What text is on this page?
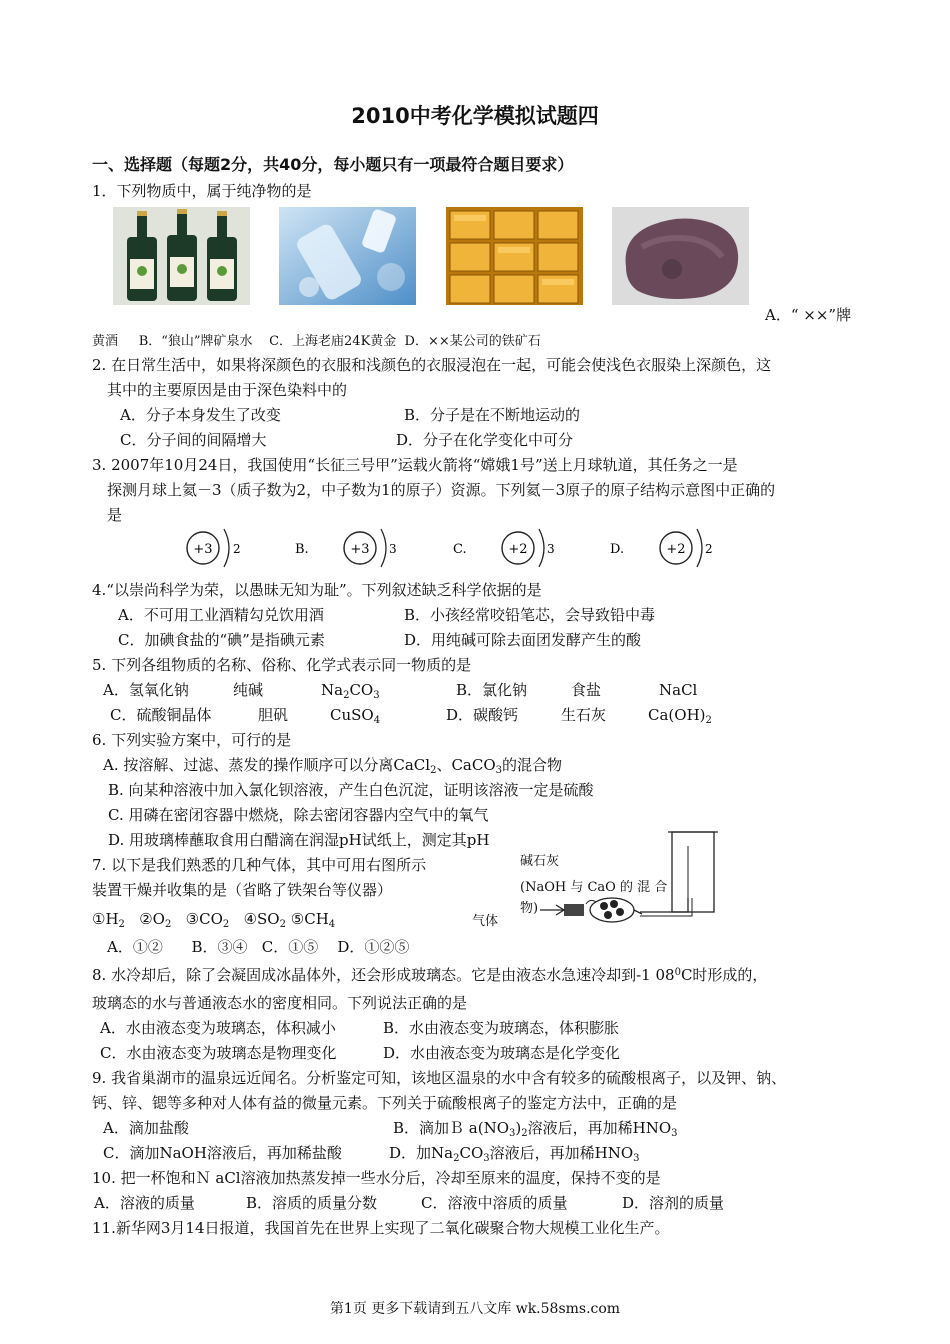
2010中考化学模拟试题四
一、选择题（每题2分，共40分，每小题只有一项最符合题目要求）
1．下列物质中，属于纯净物的是
A．“ ××”牌
黄酒 B．“狼山”牌矿泉水 C．上海老庙24K黄金 D．××某公司的铁矿石
2. 在日常生活中，如果将深颜色的衣服和浅颜色的衣服浸泡在一起，可能会使浅色衣服染上深颜色，这
其中的主要原因是由于深色染料中的
A．分子本身发生了改变	B．分子是在不断地运动的
C．分子间的间隔增大	D．分子在化学变化中可分
3. 2007年10月24日，我国使用“长征三号甲”运载火箭将“嫦娥1号”送上月球轨道，其任务之一是
探测月球上氦－3（质子数为2，中子数为1的原子）资源。下列氦－3原子的原子结构示意图中正确的
是
+3 2	B.	+3 3	C.	+2 3	D.	+2 2
4.“以崇尚科学为荣，以愚昧无知为耻”。下列叙述缺乏科学依据的是
A．不可用工业酒精勾兑饮用酒	B．小孩经常咬铅笔芯，会导致铅中毒
C．加碘食盐的“碘”是指碘元素	D．用纯碱可除去面团发酵产生的酸
5. 下列各组物质的名称、俗称、化学式表示同一物质的是
A．氢氧化钠	纯碱	$Na_2CO_3$	B．氯化钠	食盐	NaCl
C．硫酸铜晶体	胆矾	CuSO$_4$	D．碳酸钙	生石灰	$Ca(OH)_2$
6. 下列实验方案中，可行的是
A. 按溶解、过滤、蒸发的操作顺序可以分离CaCl$_2$、CaCO$_3$的混合物
B. 向某种溶液中加入氯化钡溶液，产生白色沉淀，证明该溶液一定是硫酸
C. 用磷在密闭容器中燃烧，除去密闭容器内空气中的氧气
D. 用玻璃棒蘸取食用白醋滴在润湿pH试纸上，测定其pH
7. 以下是我们熟悉的几种气体，其中可用右图所示
装置干燥并收集的是（省略了铁架台等仪器）
$①H_2$ $②O_2$ $③CO_2$ $④SO_2$ $⑤CH_4$
A．①② B．③④ C．①⑤ D．①②⑤
碱石灰
(NaOH 与 CaO 的 混 合
物)
气体
8. 水冷却后，除了会凝固成冰晶体外，还会形成玻璃态。它是由液态水急速冷却到-1 $08^0C$时形成的，
玻璃态的水与普通液态水的密度相同。下列说法正确的是
A．水由液态变为玻璃态，体积减小	B．水由液态变为玻璃态，体积膨胀
C．水由液态变为玻璃态是物理变化	D．水由液态变为玻璃态是化学变化
9. 我省巢湖市的温泉远近闻名。分析鉴定可知，该地区温泉的水中含有较多的硫酸根离子，以及钾、钠、
钙、锌、锶等多种对人体有益的微量元素。下列关于硫酸根离子的鉴定方法中，正确的是
A．滴加盐酸	B．滴加Ｂ $a(NO_3)_2$溶液后，再加稀$HNO_3$
C．滴加NaOH溶液后，再加稀盐酸	D．加$Na_2CO_3$溶液后，再加稀$HNO_3$
10. 把一杯饱和Ｎ aCl溶液加热蒸发掉一些水分后，冷却至原来的温度，保持不变的是
A．溶液的质量	B．溶质的质量分数	C．溶液中溶质的质量	D．溶剂的质量
11.新华网3月14日报道，我国首先在世界上实现了二氧化碳聚合物大规模工业化生产。
第1页 更多下载请到五八文库 wk.58sms.com
